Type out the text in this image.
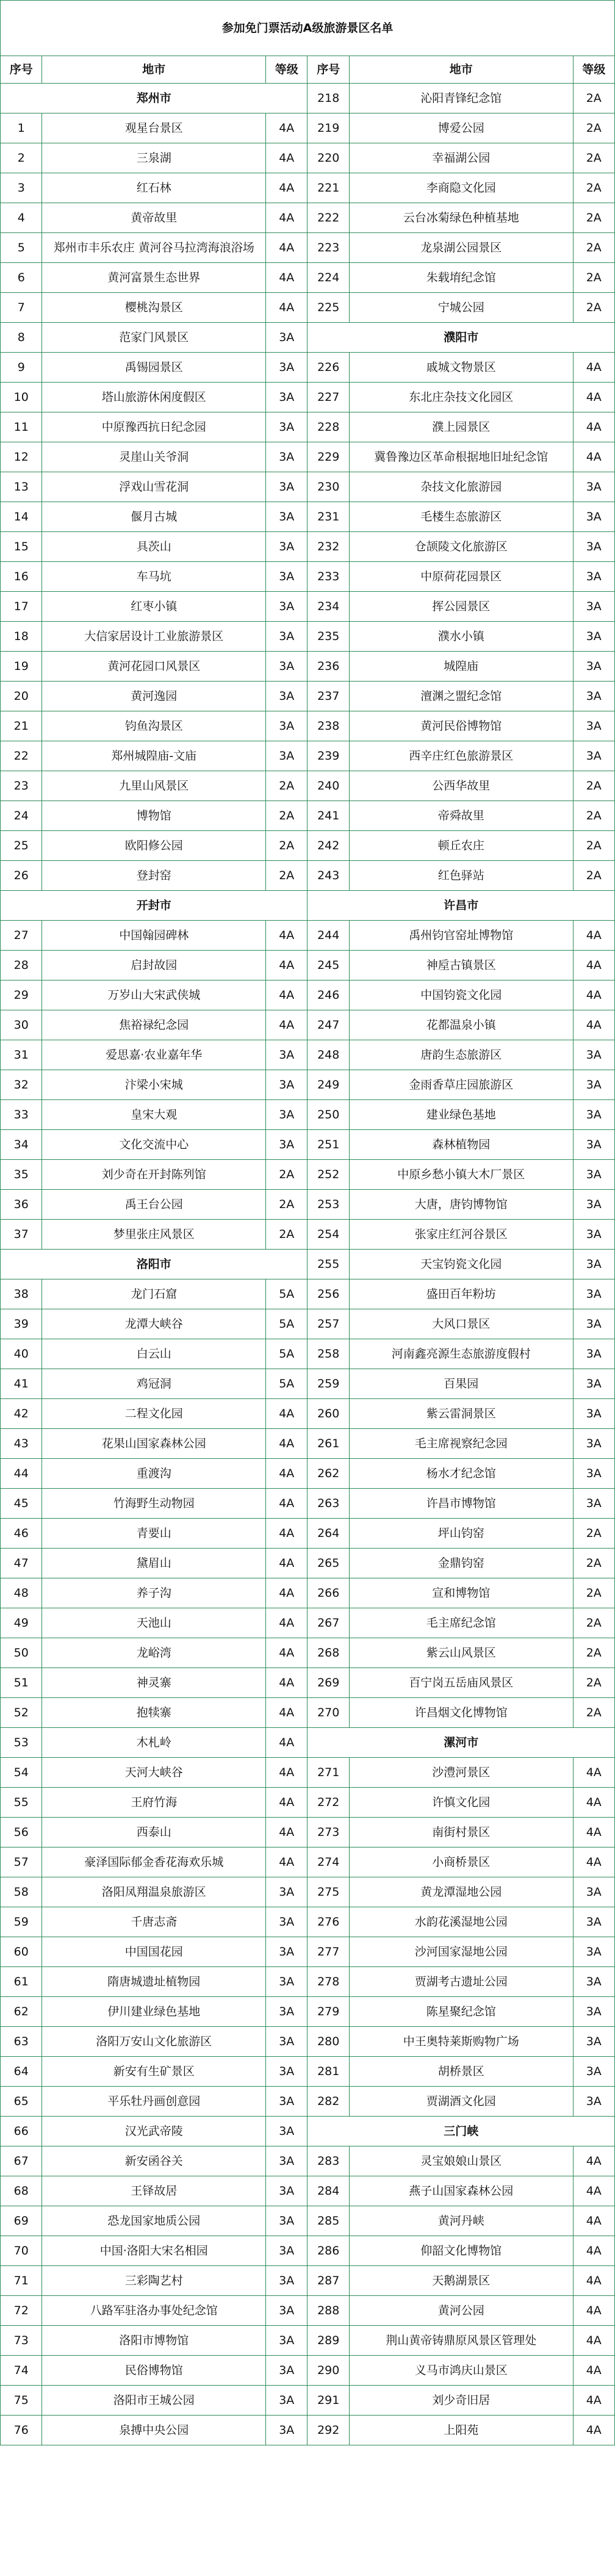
参加免门票活动A级旅游景区名单					
序号	地市	等级	序号	地市	等级
郑州市			218	沁阳青锋纪念馆	2A
1	观星台景区	4A	219	博爱公园	2A
2	三泉湖	4A	220	幸福湖公园	2A
3	红石林	4A	221	李商隐文化园	2A
4	黄帝故里	4A	222	云台冰菊绿色种植基地	2A
5	郑州市丰乐农庄 黄河谷马拉湾海浪浴场	4A	223	龙泉湖公园景区	2A
6	黄河富景生态世界	4A	224	朱载堉纪念馆	2A
7	樱桃沟景区	4A	225	宁城公园	2A
8	范家门风景区	3A	濮阳市		
9	禹锡园景区	3A	226	戚城文物景区	4A
10	塔山旅游休闲度假区	3A	227	东北庄杂技文化园区	4A
11	中原豫西抗日纪念园	3A	228	濮上园景区	4A
12	灵崖山关爷洞	3A	229	冀鲁豫边区革命根据地旧址纪念馆	4A
13	浮戏山雪花洞	3A	230	杂技文化旅游园	3A
14	偃月古城	3A	231	毛楼生态旅游区	3A
15	具茨山	3A	232	仓颉陵文化旅游区	3A
16	车马坑	3A	233	中原荷花园景区	3A
17	红枣小镇	3A	234	挥公园景区	3A
18	大信家居设计工业旅游景区	3A	235	濮水小镇	3A
19	黄河花园口风景区	3A	236	城隍庙	3A
20	黄河逸园	3A	237	澶渊之盟纪念馆	3A
21	钧鱼沟景区	3A	238	黄河民俗博物馆	3A
22	郑州城隍庙-文庙	3A	239	西辛庄红色旅游景区	3A
23	九里山风景区	2A	240	公西华故里	2A
24	博物馆	2A	241	帝舜故里	2A
25	欧阳修公园	2A	242	顿丘农庄	2A
26	登封窑	2A	243	红色驿站	2A
开封市			许昌市		
27	中国翰园碑林	4A	244	禹州钧官窑址博物馆	4A
28	启封故园	4A	245	神垕古镇景区	4A
29	万岁山大宋武侠城	4A	246	中国钧瓷文化园	4A
30	焦裕禄纪念园	4A	247	花都温泉小镇	4A
31	爱思嘉·农业嘉年华	3A	248	唐韵生态旅游区	3A
32	汴梁小宋城	3A	249	金雨香草庄园旅游区	3A
33	皇宋大观	3A	250	建业绿色基地	3A
34	文化交流中心	3A	251	森林植物园	3A
35	刘少奇在开封陈列馆	2A	252	中原乡愁小镇大木厂景区	3A
36	禹王台公园	2A	253	大唐，唐钧博物馆	3A
37	梦里张庄风景区	2A	254	张家庄红河谷景区	3A
洛阳市			255	天宝钧瓷文化园	3A
38	龙门石窟	5A	256	盛田百年粉坊	3A
39	龙潭大峡谷	5A	257	大风口景区	3A
40	白云山	5A	258	河南鑫亮源生态旅游度假村	3A
41	鸡冠洞	5A	259	百果园	3A
42	二程文化园	4A	260	紫云雷洞景区	3A
43	花果山国家森林公园	4A	261	毛主席视察纪念园	3A
44	重渡沟	4A	262	杨水才纪念馆	3A
45	竹海野生动物园	4A	263	许昌市博物馆	3A
46	青要山	4A	264	坪山钧窑	2A
47	黛眉山	4A	265	金鼎钧窑	2A
48	养子沟	4A	266	宣和博物馆	2A
49	天池山	4A	267	毛主席纪念馆	2A
50	龙峪湾	4A	268	紫云山风景区	2A
51	神灵寨	4A	269	百宁岗五岳庙风景区	2A
52	抱犊寨	4A	270	许昌烟文化博物馆	2A
53	木札岭	4A	漯河市		
54	天河大峡谷	4A	271	沙澧河景区	4A
55	王府竹海	4A	272	许慎文化园	4A
56	西泰山	4A	273	南街村景区	4A
57	豪泽国际郁金香花海欢乐城	4A	274	小商桥景区	4A
58	洛阳凤翔温泉旅游区	3A	275	黄龙潭湿地公园	3A
59	千唐志斋	3A	276	水韵花溪湿地公园	3A
60	中国国花园	3A	277	沙河国家湿地公园	3A
61	隋唐城遗址植物园	3A	278	贾湖考古遗址公园	3A
62	伊川建业绿色基地	3A	279	陈星聚纪念馆	3A
63	洛阳万安山文化旅游区	3A	280	中王奥特莱斯购物广场	3A
64	新安有生矿景区	3A	281	胡桥景区	3A
65	平乐牡丹画创意园	3A	282	贾湖酒文化园	3A
66	汉光武帝陵	3A	三门峡		
67	新安函谷关	3A	283	灵宝娘娘山景区	4A
68	王铎故居	3A	284	燕子山国家森林公园	4A
69	恐龙国家地质公园	3A	285	黄河丹峡	4A
70	中国·洛阳大宋名相园	3A	286	仰韶文化博物馆	4A
71	三彩陶艺村	3A	287	天鹅湖景区	4A
72	八路军驻洛办事处纪念馆	3A	288	黄河公园	4A
73	洛阳市博物馆	3A	289	荆山黄帝铸鼎原风景区管理处	4A
74	民俗博物馆	3A	290	义马市鸿庆山景区	4A
75	洛阳市王城公园	3A	291	刘少奇旧居	4A
76	泉搏中央公园	3A	292	上阳苑	4A
